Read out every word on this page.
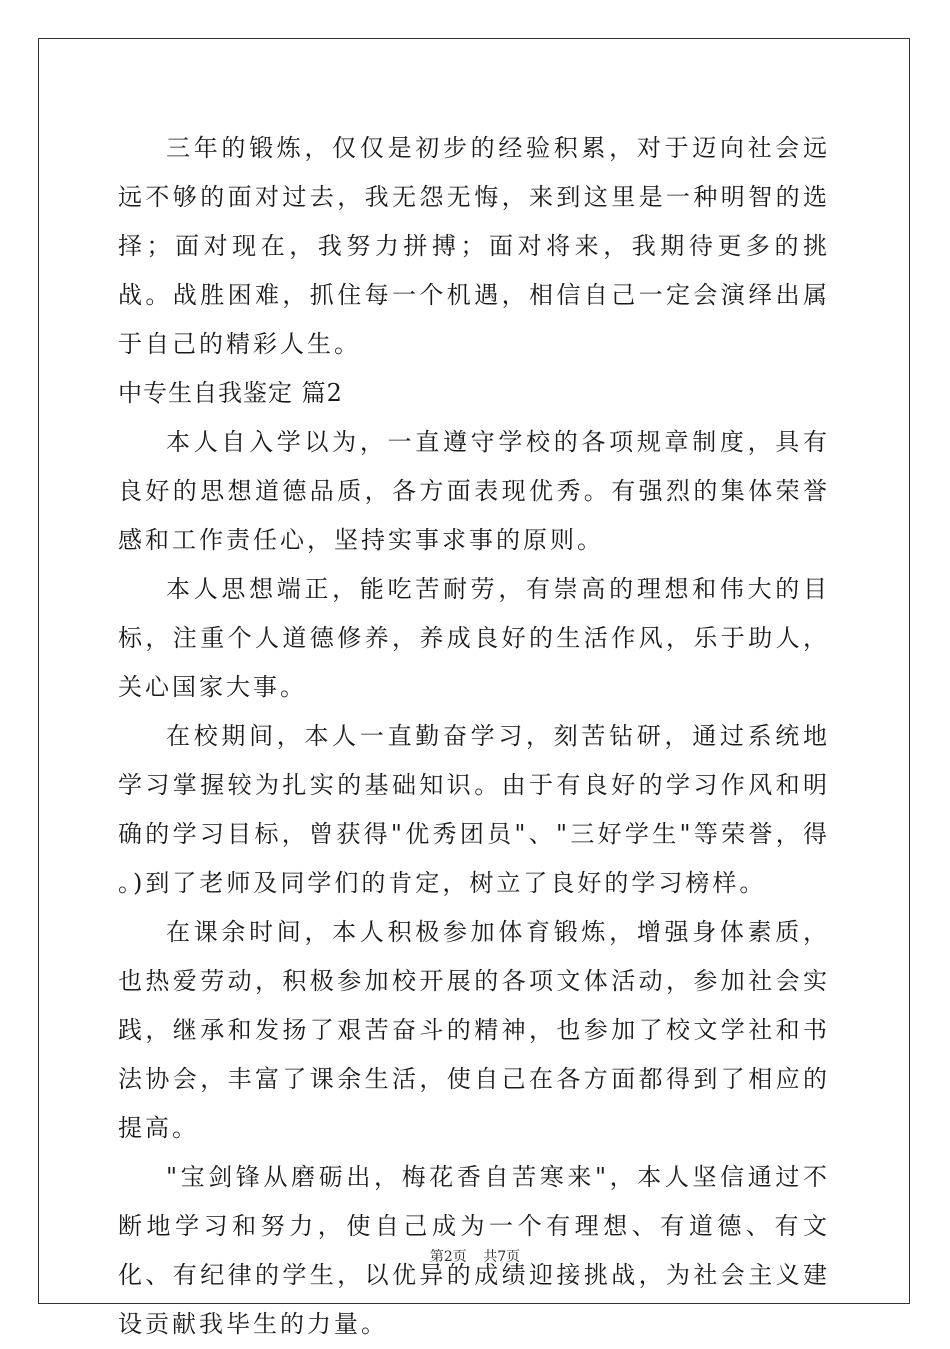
三年的锻炼，仅仅是初步的经验积累，对于迈向社会远远不够的面对过去，我无怨无悔，来到这里是一种明智的选择；面对现在，我努力拼搏；面对将来，我期待更多的挑战。战胜困难，抓住每一个机遇，相信自己一定会演绎出属于自己的精彩人生。

中专生自我鉴定 篇2

本人自入学以为，一直遵守学校的各项规章制度，具有良好的思想道德品质，各方面表现优秀。有强烈的集体荣誉感和工作责任心，坚持实事求事的原则。

本人思想端正，能吃苦耐劳，有崇高的理想和伟大的目标，注重个人道德修养，养成良好的生活作风，乐于助人，关心国家大事。

在校期间，本人一直勤奋学习，刻苦钻研，通过系统地学习掌握较为扎实的基础知识。由于有良好的学习作风和明确的学习目标，曾获得"优秀团员"、"三好学生"等荣誉，得 。)到了老师及同学们的肯定，树立了良好的学习榜样。

在课余时间，本人积极参加体育锻炼，增强身体素质，也热爱劳动，积极参加校开展的各项文体活动，参加社会实践，继承和发扬了艰苦奋斗的精神，也参加了校文学社和书法协会，丰富了课余生活，使自己在各方面都得到了相应的提高。

"宝剑锋从磨砺出，梅花香自苦寒来"，本人坚信通过不断地学习和努力，使自己成为一个有理想、有道德、有文化、有纪律的学生，以优异的成绩迎接挑战，为社会主义建设贡献我毕生的力量。

第2页 共7页
